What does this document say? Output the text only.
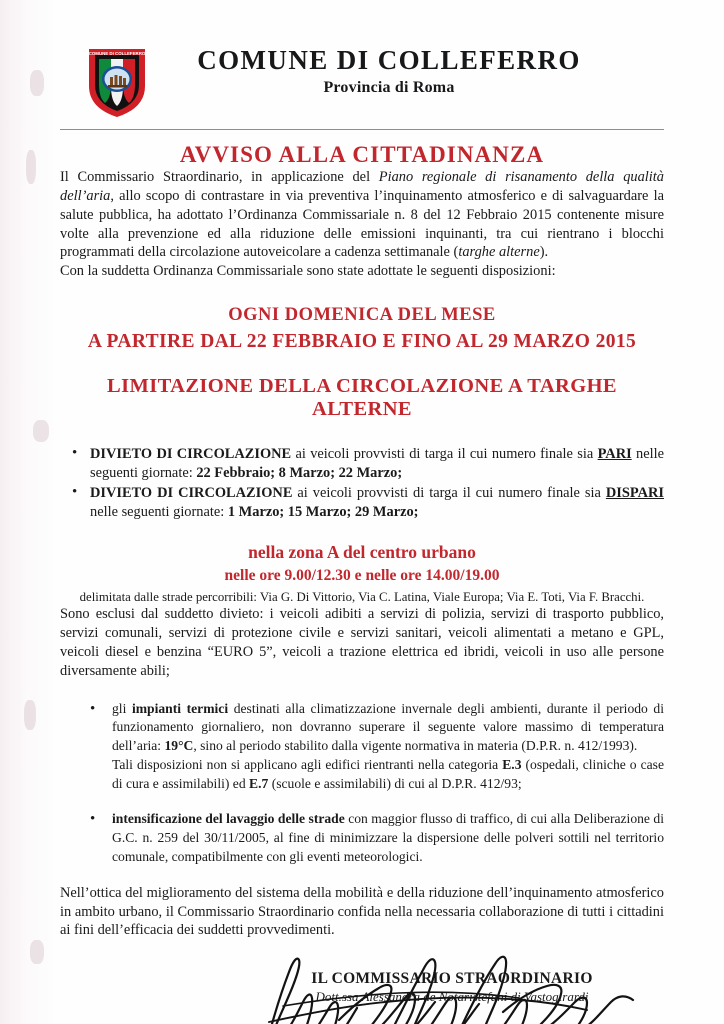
COMUNE DI COLLEFERRO	COMUNE DI COLLEFERRO
Provincia di Roma
AVVISO ALLA CITTADINANZA

Il Commissario Straordinario, in applicazione del Piano regionale di risanamento della qualità dell’aria, allo scopo di contrastare in via preventiva l’inquinamento atmosferico e di salvaguardare la salute pubblica, ha adottato l’Ordinanza Commissariale n. 8 del 12 Febbraio 2015 contenente misure volte alla prevenzione ed alla riduzione delle emissioni inquinanti, tra cui rientrano i blocchi programmati della circolazione autoveicolare a cadenza settimanale (targhe alterne).

Con la suddetta Ordinanza Commissariale sono state adottate le seguenti disposizioni:

OGNI DOMENICA DEL MESE
A PARTIRE DAL 22 FEBBRAIO E FINO AL 29 MARZO 2015
LIMITAZIONE DELLA CIRCOLAZIONE A TARGHE ALTERNE
• DIVIETO DI CIRCOLAZIONE ai veicoli provvisti di targa il cui numero finale sia PARI nelle seguenti giornate: 22 Febbraio; 8 Marzo; 22 Marzo;
• DIVIETO DI CIRCOLAZIONE ai veicoli provvisti di targa il cui numero finale sia DISPARI nelle seguenti giornate: 1 Marzo; 15 Marzo; 29 Marzo;
nella zona A del centro urbano
nelle ore 9.00/12.30 e nelle ore 14.00/19.00
delimitata dalle strade percorribili: Via G. Di Vittorio, Via C. Latina, Viale Europa; Via E. Toti, Via F. Bracchi.

Sono esclusi dal suddetto divieto: i veicoli adibiti a servizi di polizia, servizi di trasporto pubblico, servizi comunali, servizi di protezione civile e servizi sanitari, veicoli alimentati a metano e GPL, veicoli diesel e benzina “EURO 5”, veicoli a trazione elettrica ed ibridi, veicoli in uso alle persone diversamente abili;

• gli impianti termici destinati alla climatizzazione invernale degli ambienti, durante il periodo di funzionamento giornaliero, non dovranno superare il seguente valore massimo di temperatura dell’aria: 19°C, sino al periodo stabilito dalla vigente normativa in materia (D.P.R. n. 412/1993).
Tali disposizioni non si applicano agli edifici rientranti nella categoria E.3 (ospedali, cliniche o case di cura e assimilabili) ed E.7 (scuole e assimilabili) di cui al D.P.R. 412/93;
• intensificazione del lavaggio delle strade con maggior flusso di traffico, di cui alla Deliberazione di G.C. n. 259 del 30/11/2005, al fine di minimizzare la dispersione delle polveri sottili nel territorio comunale, compatibilmente con gli eventi meteorologici.

Nell’ottica del miglioramento del sistema della mobilità e della riduzione dell’inquinamento atmosferico in ambito urbano, il Commissario Straordinario confida nella necessaria collaborazione di tutti i cittadini ai fini dell’efficacia dei suddetti provvedimenti.

IL COMMISSARIO STRAORDINARIO
Dott.ssa Alessandra de Notaristefani di Vastogirardi
